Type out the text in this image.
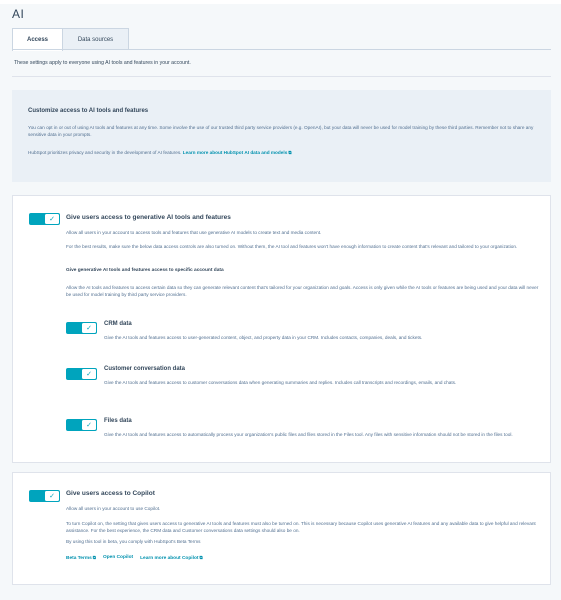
AI
Access	Data sources
These settings apply to everyone using AI tools and features in your account.
Customize access to AI tools and features
You can opt in or out of using AI tools and features at any time. Some involve the use of our trusted third party service providers (e.g. OpenAI), but your data will never be used for model training by these third parties. Remember not to share any sensitive data in your prompts.
HubSpot prioritizes privacy and security in the development of AI features. Learn more about HubSpot AI data and models⧉
✓	Give users access to generative AI tools and features
Allow all users in your account to access tools and features that use generative AI models to create text and media content.
For the best results, make sure the below data access controls are also turned on. Without them, the AI tool and features won't have enough information to create content that's relevant and tailored to your organization.
Give generative AI tools and features access to specific account data
Allow the AI tools and features to access certain data so they can generate relevant content that's tailored for your organization and goals. Access is only given while the AI tools or features are being used and your data will never be used for model training by third party service providers.
✓
CRM data
Give the AI tools and features access to user-generated content, object, and property data in your CRM. Includes contacts, companies, deals, and tickets.
✓
Customer conversation data
Give the AI tools and features access to customer conversations data when generating summaries and replies. Includes call transcripts and recordings, emails, and chats.
✓
Files data
Give the AI tools and features access to automatically process your organization's public files and files stored in the Files tool. Any files with sensitive information should not be stored in the files tool.
✓	Give users access to Copilot
Allow all users in your account to use Copilot.
To turn Copilot on, the setting that gives users access to generative AI tools and features must also be turned on. This is necessary because Copilot uses generative AI features and any available data to give helpful and relevant assistance. For the best experience, the CRM data and Customer conversations data settings should also be on.
By using this tool in beta, you comply with HubSpot's Beta Terms
Beta Terms⧉ Open Copilot Learn more about Copilot⧉
